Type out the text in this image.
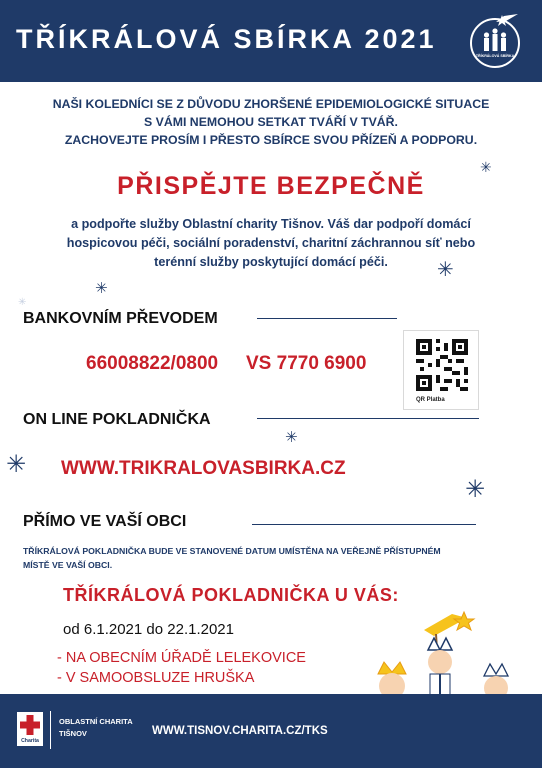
TŘÍKRÁLOVÁ SBÍRKA 2021
TŘÍKRÁLOVÁ SBÍRKA
NAŠI KOLEDNÍCI SE Z DŮVODU ZHORŠENÉ EPIDEMIOLOGICKÉ SITUACE
S VÁMI NEMOHOU SETKAT TVÁŘÍ V TVÁŘ.
ZACHOVEJTE PROSÍM I PŘESTO SBÍRCE SVOU PŘÍZEŇ A PODPORU.
PŘISPĚJTE BEZPEČNĚ
a podpořte služby Oblastní charity Tišnov. Váš dar podpoří domácí
hospicovou péči, sociální poradenství, charitní záchrannou síť nebo
terénní služby poskytující domácí péči.
BANKOVNÍM PŘEVODEM
66008822/0800 VS 7770 6900
QR Platba
ON LINE POKLADNIČKA
WWW.TRIKRALOVASBIRKA.CZ
PŘÍMO VE VAŠÍ OBCI
TŘÍKRÁLOVÁ POKLADNIČKA BUDE VE STANOVENÉ DATUM UMÍSTĚNA NA VEŘEJNĚ PŘÍSTUPNÉM
MÍSTĚ VE VAŠÍ OBCI.
TŘÍKRÁLOVÁ POKLADNIČKA U VÁS:
od 6.1.2021 do 22.1.2021
- NA OBECNÍM ÚŘADĚ LELEKOVICE
- V SAMOOBSLUZE HRUŠKA
✳
✳
✳
✳
✳
✳
✳
Charita
OBLASTNÍ CHARITA
TIŠNOV	WWW.TISNOV.CHARITA.CZ/TKS
